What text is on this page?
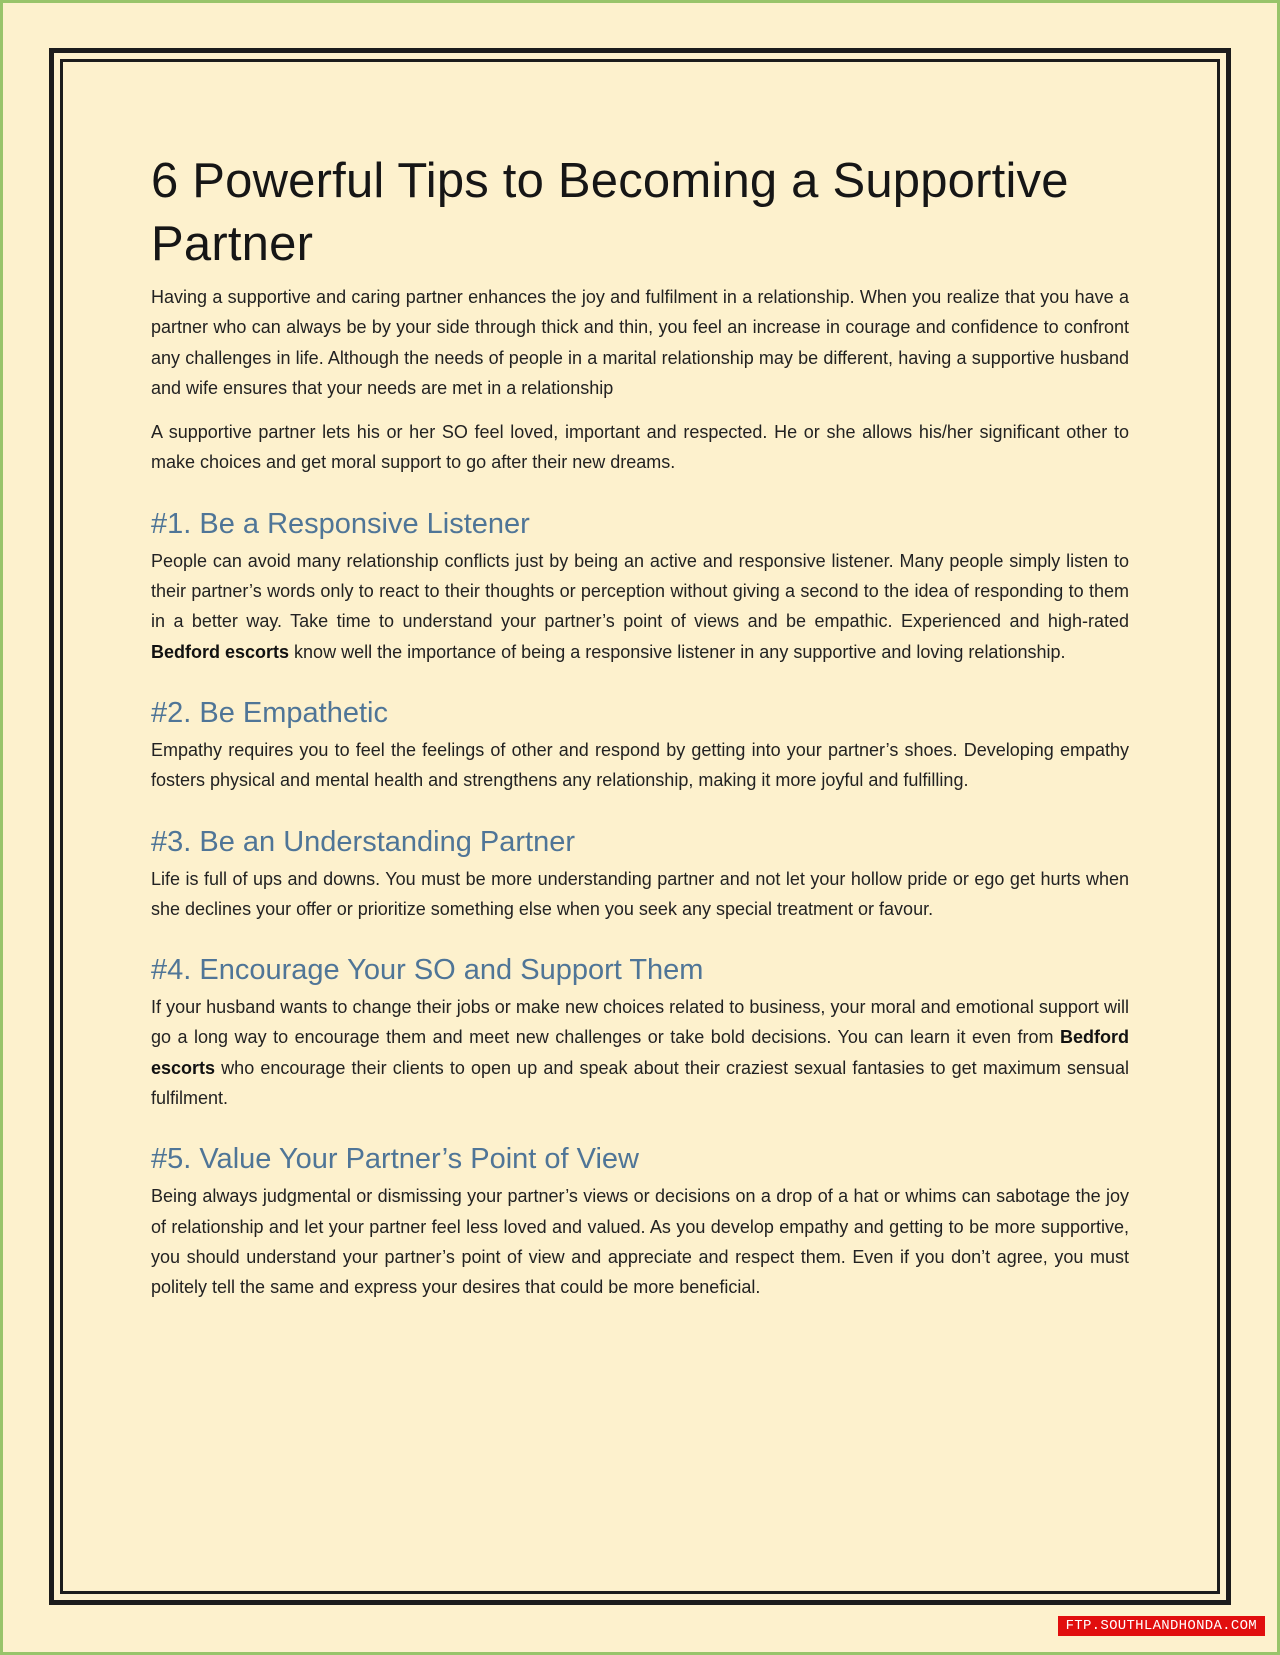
6 Powerful Tips to Becoming a Supportive Partner

Having a supportive and caring partner enhances the joy and fulfilment in a relationship. When you realize that you have a partner who can always be by your side through thick and thin, you feel an increase in courage and confidence to confront any challenges in life. Although the needs of people in a marital relationship may be different, having a supportive husband and wife ensures that your needs are met in a relationship

A supportive partner lets his or her SO feel loved, important and respected. He or she allows his/her significant other to make choices and get moral support to go after their new dreams.

#1. Be a Responsive Listener

People can avoid many relationship conflicts just by being an active and responsive listener. Many people simply listen to their partner’s words only to react to their thoughts or perception without giving a second to the idea of responding to them in a better way. Take time to understand your partner’s point of views and be empathic. Experienced and high-rated Bedford escorts know well the importance of being a responsive listener in any supportive and loving relationship.

#2. Be Empathetic

Empathy requires you to feel the feelings of other and respond by getting into your partner’s shoes. Developing empathy fosters physical and mental health and strengthens any relationship, making it more joyful and fulfilling.

#3. Be an Understanding Partner

Life is full of ups and downs. You must be more understanding partner and not let your hollow pride or ego get hurts when she declines your offer or prioritize something else when you seek any special treatment or favour.

#4. Encourage Your SO and Support Them

If your husband wants to change their jobs or make new choices related to business, your moral and emotional support will go a long way to encourage them and meet new challenges or take bold decisions. You can learn it even from Bedford escorts who encourage their clients to open up and speak about their craziest sexual fantasies to get maximum sensual fulfilment.

#5. Value Your Partner’s Point of View

Being always judgmental or dismissing your partner’s views or decisions on a drop of a hat or whims can sabotage the joy of relationship and let your partner feel less loved and valued. As you develop empathy and getting to be more supportive, you should understand your partner’s point of view and appreciate and respect them. Even if you don’t agree, you must politely tell the same and express your desires that could be more beneficial.

FTP.SOUTHLANDHONDA.COM
